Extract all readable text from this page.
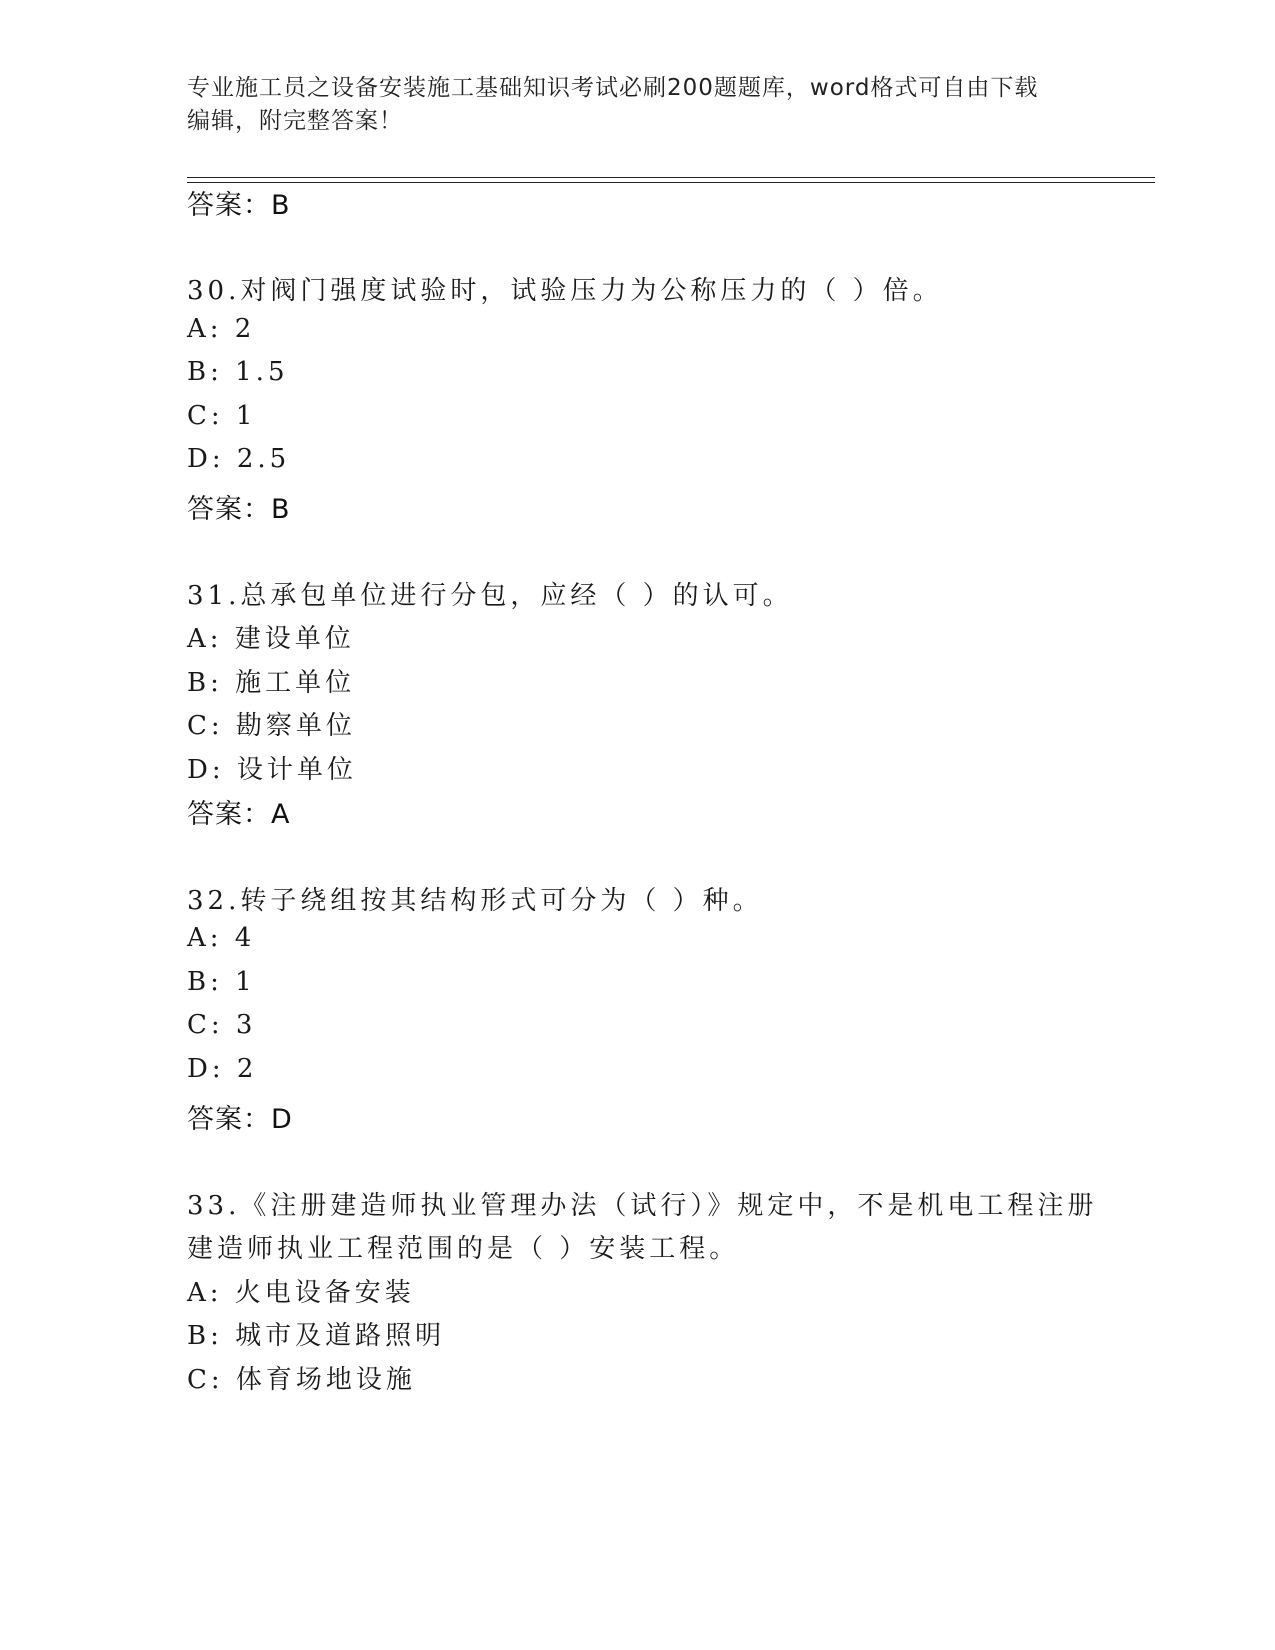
专业施工员之设备安装施工基础知识考试必刷200题题库，word格式可自由下载
编辑，附完整答案！
答案：B
30.对阀门强度试验时，试验压力为公称压力的（ ）倍。
A: 2
B: 1.5
C: 1
D: 2.5
答案：B
31.总承包单位进行分包，应经（ ）的认可。
A: 建设单位
B: 施工单位
C: 勘察单位
D: 设计单位
答案：A
32.转子绕组按其结构形式可分为（ ）种。
A: 4
B: 1
C: 3
D: 2
答案：D
33.《注册建造师执业管理办法（试行）》规定中，不是机电工程注册
建造师执业工程范围的是（ ）安装工程。
A: 火电设备安装
B: 城市及道路照明
C: 体育场地设施
